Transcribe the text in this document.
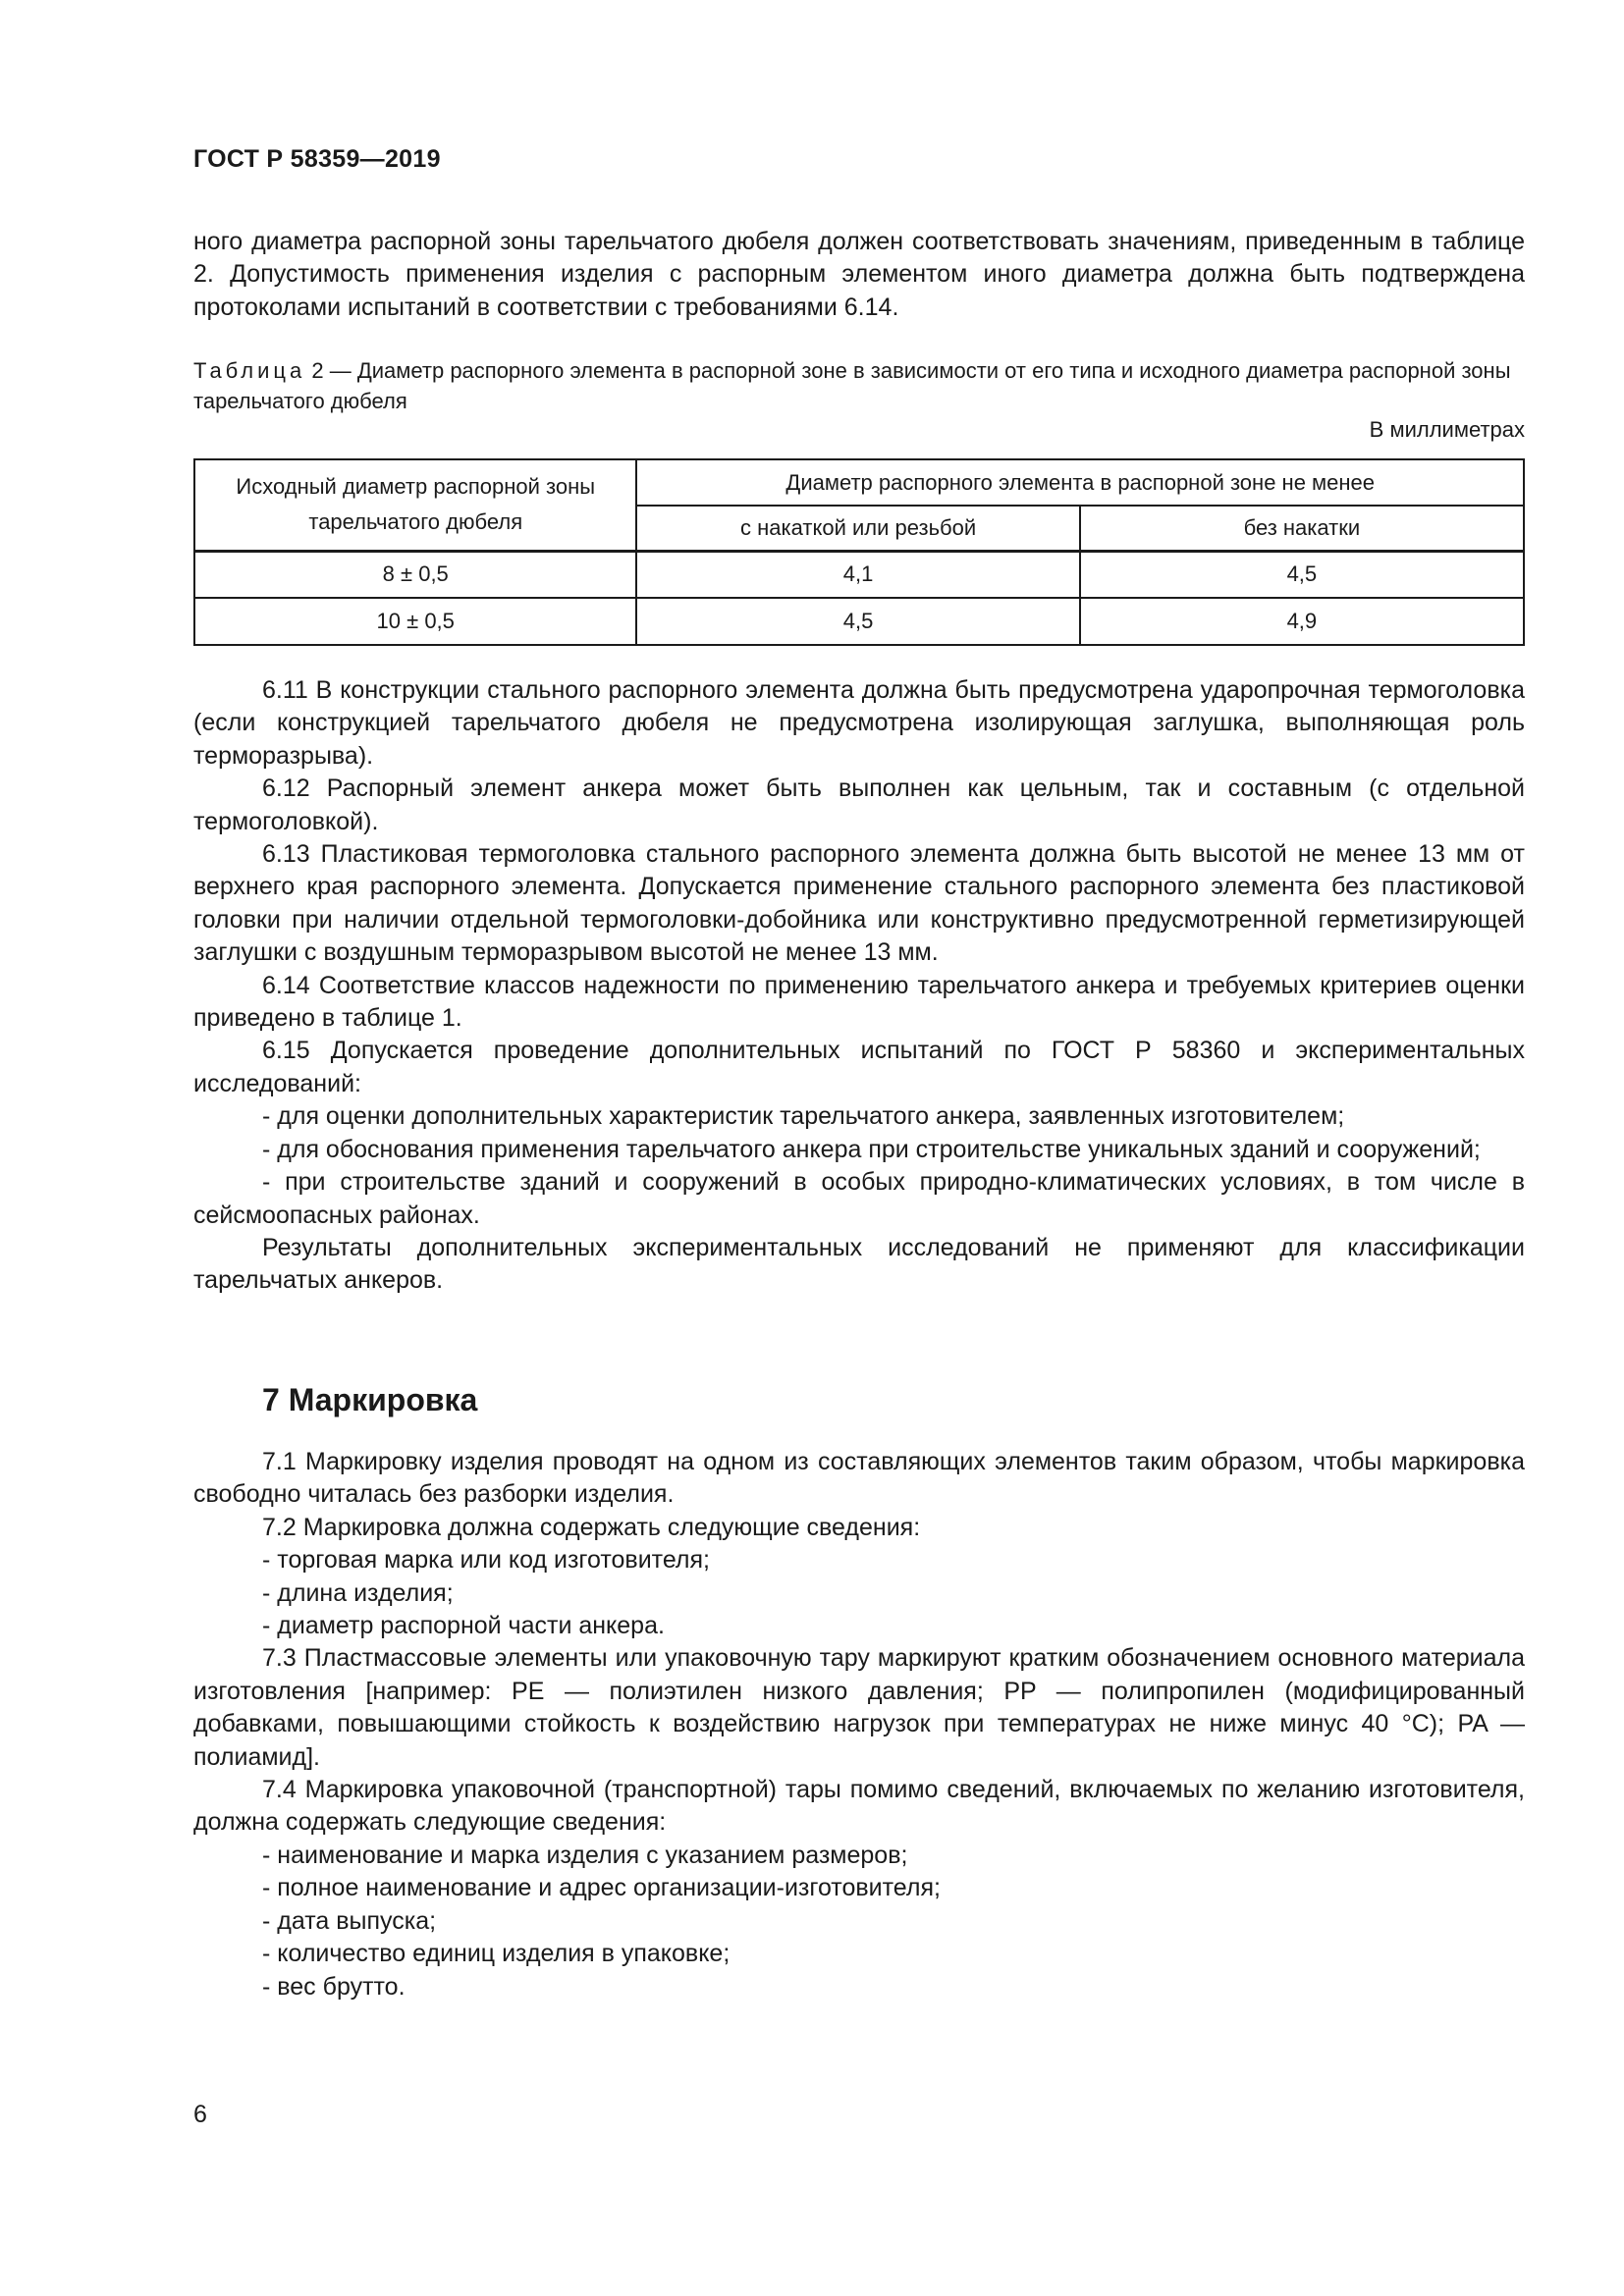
ГОСТ Р 58359—2019

ного диаметра распорной зоны тарельчатого дюбеля должен соответствовать значениям, приведенным в таблице 2. Допустимость применения изделия с распорным элементом иного диаметра должна быть подтверждена протоколами испытаний в соответствии с требованиями 6.14.

Таблица 2 — Диаметр распорного элемента в распорной зоне в зависимости от его типа и исходного диаметра распорной зоны тарельчатого дюбеля
В миллиметрах
Исходный диаметр распорной зоны тарельчатого дюбеля	Диаметр распорного элемента в распорной зоне не менее	
	с накаткой или резьбой	без накатки
8 ± 0,5	4,1	4,5
10 ± 0,5	4,5	4,9

6.11 В конструкции стального распорного элемента должна быть предусмотрена ударопрочная термоголовка (если конструкцией тарельчатого дюбеля не предусмотрена изолирующая заглушка, выполняющая роль терморазрыва).

6.12 Распорный элемент анкера может быть выполнен как цельным, так и составным (с отдельной термоголовкой).

6.13 Пластиковая термоголовка стального распорного элемента должна быть высотой не менее 13 мм от верхнего края распорного элемента. Допускается применение стального распорного элемента без пластиковой головки при наличии отдельной термоголовки-добойника или конструктивно предусмотренной герметизирующей заглушки с воздушным терморазрывом высотой не менее 13 мм.

6.14 Соответствие классов надежности по применению тарельчатого анкера и требуемых критериев оценки приведено в таблице 1.

6.15 Допускается проведение дополнительных испытаний по ГОСТ Р 58360 и экспериментальных исследований:

- для оценки дополнительных характеристик тарельчатого анкера, заявленных изготовителем;

- для обоснования применения тарельчатого анкера при строительстве уникальных зданий и сооружений;

- при строительстве зданий и сооружений в особых природно-климатических условиях, в том числе в сейсмоопасных районах.

Результаты дополнительных экспериментальных исследований не применяют для классификации тарельчатых анкеров.

7 Маркировка

7.1 Маркировку изделия проводят на одном из составляющих элементов таким образом, чтобы маркировка свободно читалась без разборки изделия.

7.2 Маркировка должна содержать следующие сведения:

- торговая марка или код изготовителя;

- длина изделия;

- диаметр распорной части анкера.

7.3 Пластмассовые элементы или упаковочную тару маркируют кратким обозначением основного материала изготовления [например: PE — полиэтилен низкого давления; PP — полипропилен (модифицированный добавками, повышающими стойкость к воздействию нагрузок при температурах не ниже минус 40 °С); PA — полиамид].

7.4 Маркировка упаковочной (транспортной) тары помимо сведений, включаемых по желанию изготовителя, должна содержать следующие сведения:

- наименование и марка изделия с указанием размеров;

- полное наименование и адрес организации-изготовителя;

- дата выпуска;

- количество единиц изделия в упаковке;

- вес брутто.

6
